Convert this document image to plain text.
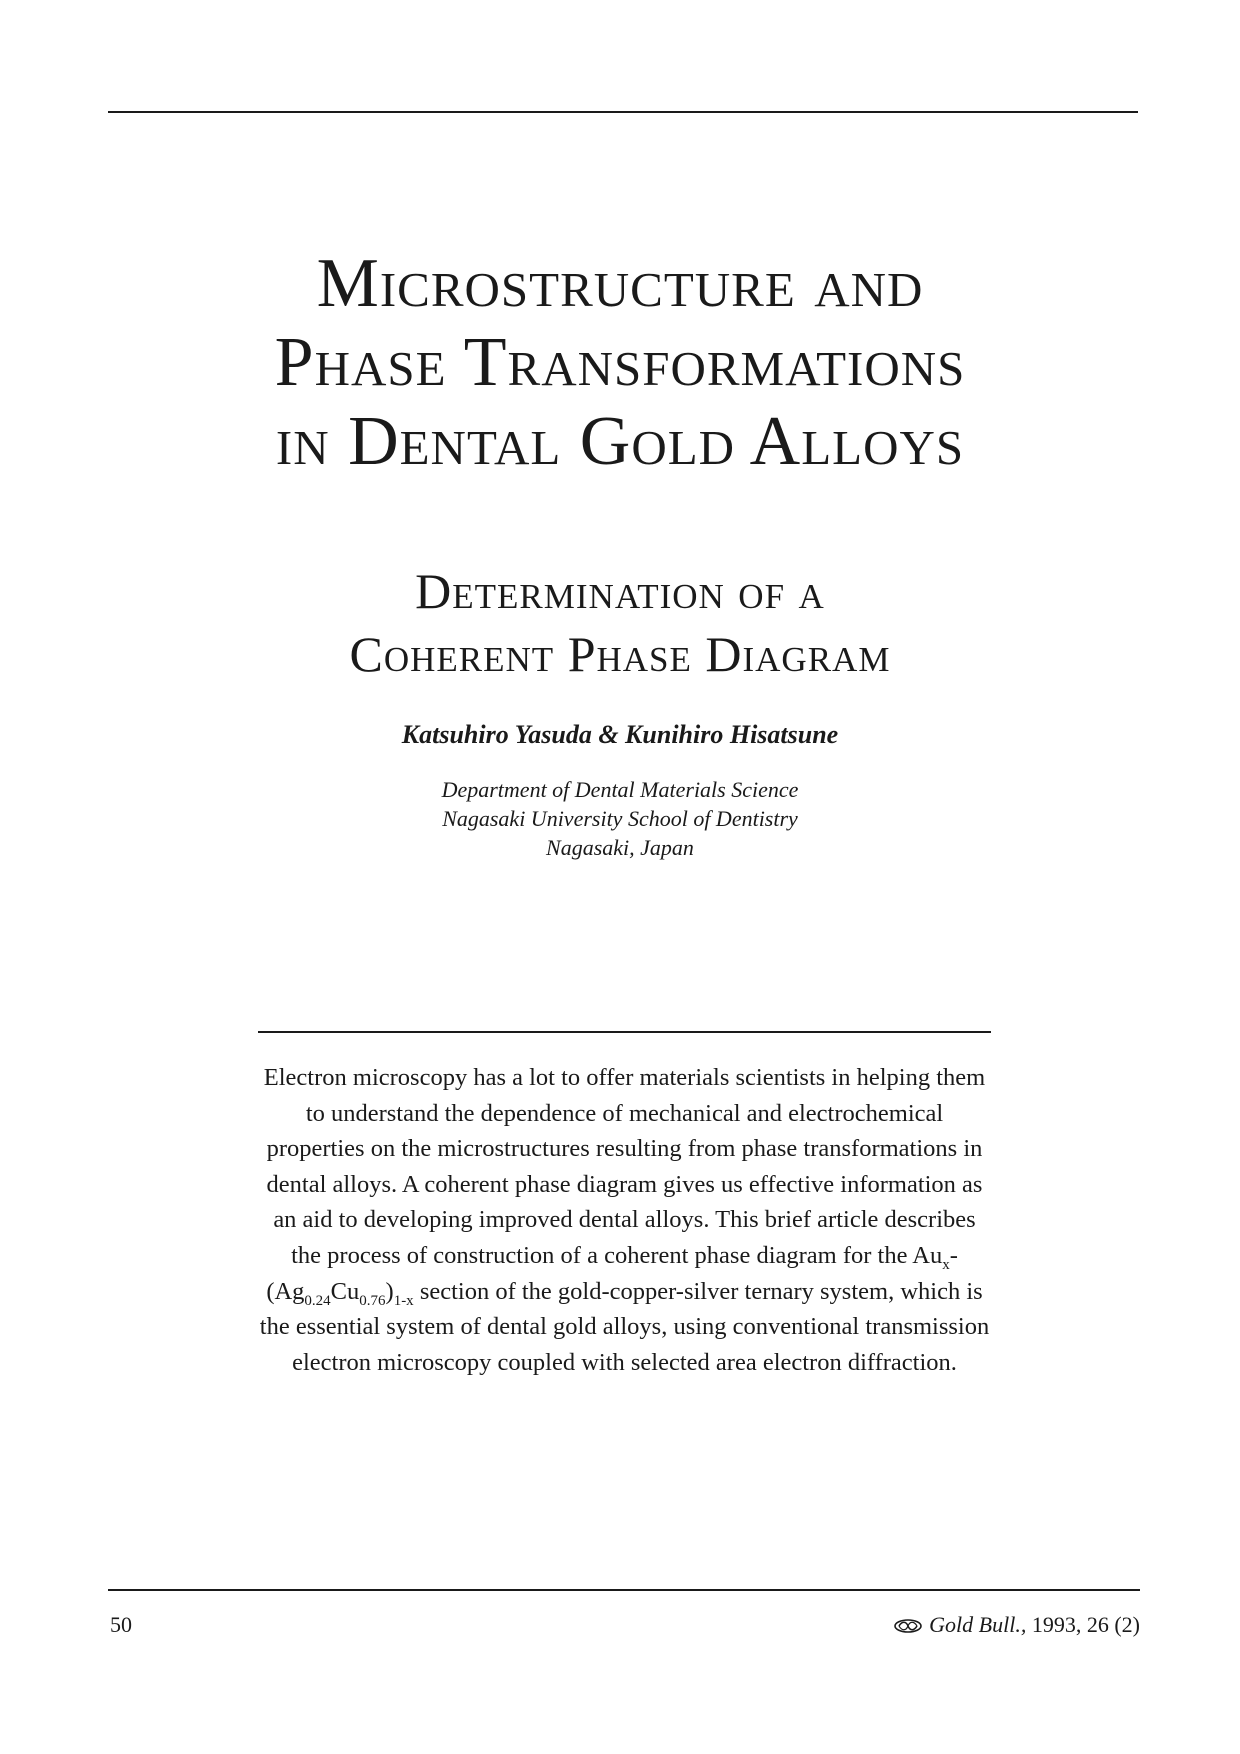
Microstructure and
Phase Transformations
in Dental Gold Alloys
Determination of a
Coherent Phase Diagram

Katsuhiro Yasuda & Kunihiro Hisatsune

Department of Dental Materials Science
Nagasaki University School of Dentistry
Nagasaki, Japan

Electron microscopy has a lot to offer materials scientists in helping them to understand the dependence of mechanical and electrochemical properties on the microstructures resulting from phase transformations in dental alloys. A coherent phase diagram gives us effective information as an aid to developing improved dental alloys. This brief article describes the process of construction of a coherent phase diagram for the $Au_x-(Ag_{0.24}Cu_{0.76})_{1-x}$ section of the gold-copper-silver ternary system, which is the essential system of dental gold alloys, using conventional transmission electron microscopy coupled with selected area electron diffraction.

50	Gold Bull., 1993, 26 (2)
